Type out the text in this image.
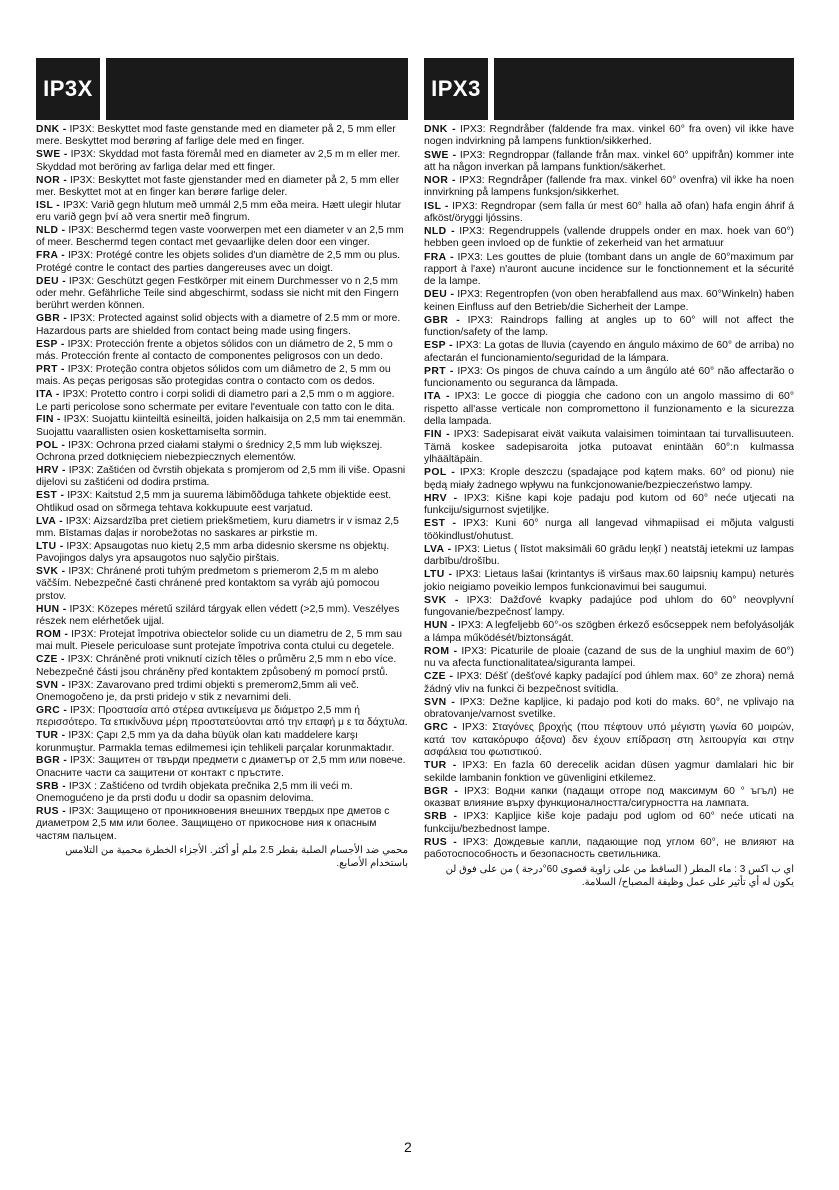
IP3X
DNK - IP3X: Beskyttet mod faste genstande med en diameter på 2, 5 mm eller mere. Beskyttet mod berøring af farlige dele med en finger.
SWE - IP3X: Skyddad mot fasta föremål med en diameter av 2,5 m m eller mer. Skyddad mot beröring av farliga delar med ett finger.
NOR - IP3X: Beskyttet mot faste gjenstander med en diameter på 2, 5 mm eller mer. Beskyttet mot at en finger kan berøre farlige deler.
ISL - IP3X: Varið gegn hlutum með ummál 2,5 mm eða meira. Hætt ulegir hlutar eru varið gegn því að vera snertir með fingrum.
NLD - IP3X: Beschermd tegen vaste voorwerpen met een diameter v an 2,5 mm of meer. Beschermd tegen contact met gevaarlijke delen door een vinger.
FRA - IP3X: Protégé contre les objets solides d'un diamètre de 2,5 mm ou plus. Protégé contre le contact des parties dangereuses avec un doigt.
DEU - IP3X: Geschützt gegen Festkörper mit einem Durchmesser vo n 2,5 mm oder mehr. Gefährliche Teile sind abgeschirmt, sodass sie nicht mit den Fingern berührt werden können.
GBR - IP3X: Protected against solid objects with a diametre of 2.5 mm or more. Hazardous parts are shielded from contact being made using fingers.
ESP - IP3X: Protección frente a objetos sólidos con un diámetro de 2, 5 mm o más. Protección frente al contacto de componentes peligrosos con un dedo.
PRT - IP3X: Proteção contra objetos sólidos com um diâmetro de 2, 5 mm ou mais. As peças perigosas são protegidas contra o contacto com os dedos.
ITA - IP3X: Protetto contro i corpi solidi di diametro pari a 2,5 mm o m aggiore. Le parti pericolose sono schermate per evitare l'eventuale con tatto con le dita.
FIN - IP3X: Suojattu kiinteiltä esineiltä, joiden halkaisija on 2,5 mm tai enemmän. Suojattu vaarallisten osien koskettamiselta sormin.
POL - IP3X: Ochrona przed ciałami stałymi o średnicy 2,5 mm lub większej. Ochrona przed dotknięciem niebezpiecznych elementów.
HRV - IP3X: Zaštićen od čvrstih objekata s promjerom od 2,5 mm ili više. Opasni dijelovi su zaštićeni od dodira prstima.
EST - IP3X: Kaitstud 2,5 mm ja suurema läbimõõduga tahkete objektide eest. Ohtlikud osad on sõrmega tehtava kokkupuute eest varjatud.
LVA - IP3X: Aizsardzība pret cietiem priekšmetiem, kuru diametrs ir v ismaz 2,5 mm. Bīstamas daļas ir norobežotas no saskares ar pirkstie m.
LTU - IP3X: Apsaugotas nuo kietų 2,5 mm arba didesnio skersme ns objektų. Pavojingos dalys yra apsaugotos nuo sąlyčio pirštais.
SVK - IP3X: Chránené proti tuhým predmetom s priemerom 2,5 m m alebo väčším. Nebezpečné časti chránené pred kontaktom sa vyráb ajú pomocou prstov.
HUN - IP3X: Közepes méretű szilárd tárgyak ellen védett (>2,5 mm). Veszélyes részek nem elérhetőek ujjal.
ROM - IP3X: Protejat împotriva obiectelor solide cu un diametru de 2, 5 mm sau mai mult. Piesele periculoase sunt protejate împotriva conta ctului cu degetele.
CZE - IP3X: Chráněné proti vniknutí cizích těles o průměru 2,5 mm n ebo více. Nebezpečné části jsou chráněny před kontaktem způsobený m pomocí prstů.
SVN - IP3X: Zavarovano pred trdimi objekti s premerom2,5mm ali več. Onemogočeno je, da prsti pridejo v stik z nevarnimi deli.
GRC - IP3X: Προστασία από στέρεα αντικείμενα με διάμετρο 2,5 mm ή περισσότερο. Τα επικίνδυνα μέρη προστατεύονται από την επαφή μ ε τα δάχτυλα.
TUR - IP3X: Çapı 2,5 mm ya da daha büyük olan katı maddelere karşı korunmuştur. Parmakla temas edilmemesi için tehlikeli parçalar korunmaktadır.
BGR - IP3X: Защитен от твърди предмети с диаметър от 2,5 mm или повече. Опасните части са защитени от контакт с пръстите.
SRB - IP3X : Zaštićeno od tvrdih objekata prečnika 2,5 mm ili veći m. Onemogućeno je da prsti dođu u dodir sa opasnim delovima.
RUS - IP3X: Защищено от проникновения внешних твердых пре дметов с диаметром 2,5 мм или более. Защищено от прикосновe ния к опасным частям пальцем.
محمي ضد الأجسام الصلبة بقطر 2.5 ملم أو أكثر. الأجزاء الخطرة محمية من التلامس باستخدام الأصابع.
IPX3
DNK - IPX3: Regndråber (faldende fra max. vinkel 60° fra oven) vil ikke have nogen indvirkning på lampens funktion/sikkerhed.
SWE - IPX3: Regndroppar (fallande från max. vinkel 60° uppifrån) kommer inte att ha någon inverkan på lampans funktion/säkerhet.
NOR - IPX3: Regndråper (fallende fra max. vinkel 60° ovenfra) vil ikke ha noen innvirkning på lampens funksjon/sikkerhet.
ISL - IPX3: Regndropar (sem falla úr mest 60° halla að ofan) hafa engin áhrif á afköst/öryggi ljóssins.
NLD - IPX3: Regendruppels (vallende druppels onder en max. hoek van 60°) hebben geen invloed op de funktie of zekerheid van het armatuur
FRA - IPX3: Les gouttes de pluie (tombant dans un angle de 60°maximum par rapport à l'axe) n'auront aucune incidence sur le fonctionnement et la sécurité de la lampe.
DEU - IPX3: Regentropfen (von oben herabfallend aus max. 60°Winkeln) haben keinen Einfluss auf den Betrieb/die Sicherheit der Lampe.
GBR - IPX3: Raindrops falling at angles up to 60° will not affect the function/safety of the lamp.
ESP - IPX3: La gotas de lluvia (cayendo en ángulo máximo de 60° de arriba) no afectarán el funcionamiento/seguridad de la lámpara.
PRT - IPX3: Os pingos de chuva caíndo a um ângúlo até 60° não affectarão o funcionamento ou seguranca da lâmpada.
ITA - IPX3: Le gocce di pioggia che cadono con un angolo massimo di 60° rispetto all'asse verticale non compromettono il funzionamento e la sicurezza della lampada.
FIN - IPX3: Sadepisarat eivät vaikuta valaisimen toimintaan tai turvallisuuteen. Tämä koskee sadepisaroita jotka putoavat enintään 60°:n kulmassa ylhäältäpäin.
POL - IPX3: Krople deszczu (spadające pod kątem maks. 60° od pionu) nie będą miały żadnego wpływu na funkcjonowanie/bezpieczeństwo lampy.
HRV - IPX3: Kišne kapi koje padaju pod kutom od 60° neće utjecati na funkciju/sigurnost svjetiljke.
EST - IPX3: Kuni 60° nurga all langevad vihmapiisad ei mõjuta valgusti töökindlust/ohutust.
LVA - IPX3: Lietus ( līstot maksimāli 60 grādu leņķī ) neatstāj ietekmi uz lampas darbību/drošību.
LTU - IPX3: Lietaus lašai (krintantys iš viršaus max.60 laipsnių kampu) neturės jokio neigiamo poveikio lempos funkcionavimui bei saugumui.
SVK - IPX3: Dažďové kvapky padajúce pod uhlom do 60° neovplyvní fungovanie/bezpečnosť lampy.
HUN - IPX3: A legfeljebb 60°-os szögben érkező esőcseppek nem befolyásolják a lámpa működését/biztonságát.
ROM - IPX3: Picaturile de ploaie (cazand de sus de la unghiul maxim de 60°) nu va afecta functionalitatea/siguranta lampei.
CZE - IPX3: Déšť (dešťové kapky padající pod úhlem max. 60° ze zhora) nemá žádný vliv na funkci či bezpečnost svítidla.
SVN - IPX3: Dežne kapljice, ki padajo pod koti do maks. 60°, ne vplivajo na obratovanje/varnost svetilke.
GRC - IPX3: Σταγόνες βροχής (που πέφτουν υπό μέγιστη γωνία 60 μοιρών, κατά τον κατακόρυφο άξονα) δεν έχουν επίδραση στη λειτουργία και στην ασφάλεια του φωτιστικού.
TUR - IPX3: En fazla 60 derecelik acidan düsen yagmur damlalari hic bir sekilde lambanin fonktion ve güvenligini etkilemez.
BGR - IPX3: Водни капки (падащи отгоре под максимум 60 ° ъгъл) не оказват влияние върху функционалността/сигурността на лампата.
SRB - IPX3: Kapljice kiše koje padaju pod uglom od 60° neće uticati na funkciju/bezbednost lampe.
RUS - IPX3: Дождевые капли, падающие под углом 60°, не влияют на работоспособность и безопасность светильника.
اي ب اكس 3 : ماء المطر ( الساقط من على زاوية قصوى 60°درجة ) من على فوق لن يكون له أي تأثير على عمل وظيفة المصباح/ السلامة.
2
